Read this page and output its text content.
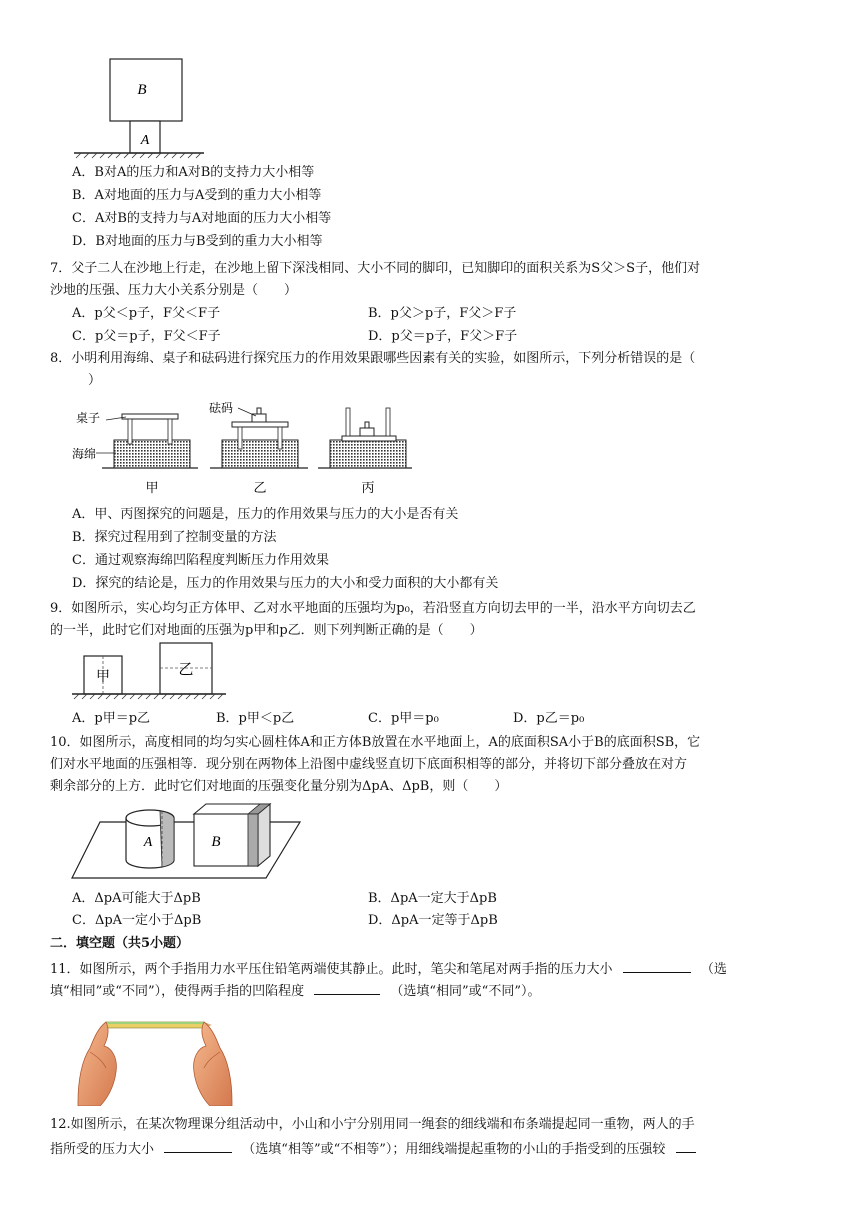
B
A
A．B对A的压力和A对B的支持力大小相等
B．A对地面的压力与A受到的重力大小相等
C．A对B的支持力与A对地面的压力大小相等
D．B对地面的压力与B受到的重力大小相等
7．父子二人在沙地上行走，在沙地上留下深浅相同、大小不同的脚印，已知脚印的面积关系为S父＞S子，他们对
沙地的压强、压力大小关系分别是（　　）
A．p父＜p子，F父＜F子	B．p父＞p子，F父＞F子
C．p父＝p子，F父＜F子	D．p父＝p子，F父＞F子
8．小明利用海绵、桌子和砝码进行探究压力的作用效果跟哪些因素有关的实验，如图所示，下列分析错误的是（
）
桌子
砝码
海绵
甲	乙	丙
A．甲、丙图探究的问题是，压力的作用效果与压力的大小是否有关
B．探究过程用到了控制变量的方法
C．通过观察海绵凹陷程度判断压力作用效果
D．探究的结论是，压力的作用效果与压力的大小和受力面积的大小都有关
9．如图所示，实心均匀正方体甲、乙对水平地面的压强均为p₀，若沿竖直方向切去甲的一半，沿水平方向切去乙
的一半，此时它们对地面的压强为p甲和p乙．则下列判断正确的是（　　）
甲	乙
A．p甲＝p乙	B．p甲＜p乙	C．p甲＝p₀	D．p乙＝p₀
10．如图所示，高度相同的均匀实心圆柱体A和正方体B放置在水平地面上，A的底面积SA小于B的底面积SB，它
们对水平地面的压强相等．现分别在两物体上沿图中虚线竖直切下底面积相等的部分，并将切下部分叠放在对方
剩余部分的上方．此时它们对地面的压强变化量分别为ΔpA、ΔpB，则（　　）
A	B
A．ΔpA可能大于ΔpB	B．ΔpA一定大于ΔpB
C．ΔpA一定小于ΔpB	D．ΔpA一定等于ΔpB
二．填空题（共5小题）
11．如图所示，两个手指用力水平压住铅笔两端使其静止。此时，笔尖和笔尾对两手指的压力大小	（选
填“相同”或“不同”），使得两手指的凹陷程度	（选填“相同”或“不同”）。
12.如图所示，在某次物理课分组活动中，小山和小宁分别用同一绳套的细线端和布条端提起同一重物，两人的手
指所受的压力大小	（选填“相等”或“不相等”）；用细线端提起重物的小山的手指受到的压强较
